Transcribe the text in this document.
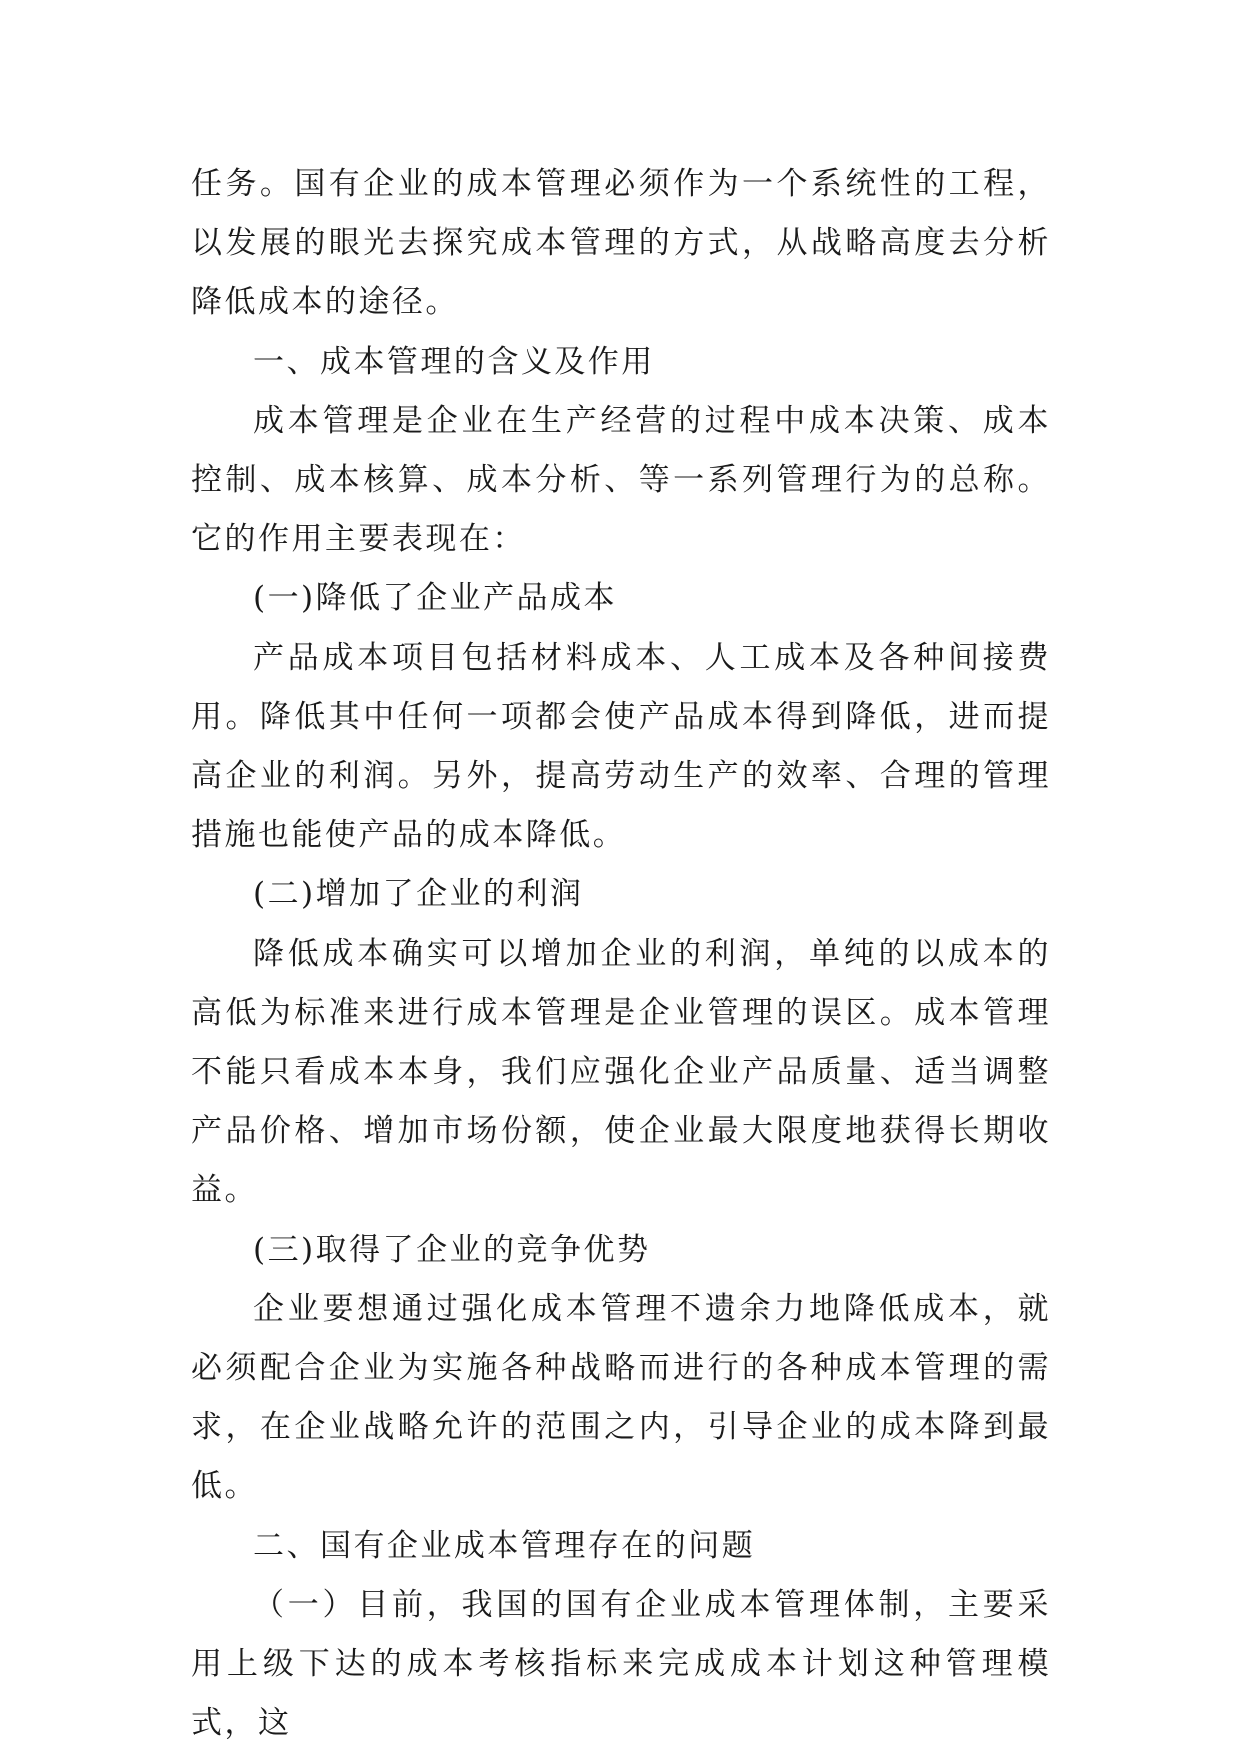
任务。国有企业的成本管理必须作为一个系统性的工程，以发展的眼光去探究成本管理的方式，从战略高度去分析降低成本的途径。

一、成本管理的含义及作用

成本管理是企业在生产经营的过程中成本决策、成本控制、成本核算、成本分析、等一系列管理行为的总称。它的作用主要表现在：

(一)降低了企业产品成本

产品成本项目包括材料成本、人工成本及各种间接费用。降低其中任何一项都会使产品成本得到降低，进而提高企业的利润。另外，提高劳动生产的效率、合理的管理措施也能使产品的成本降低。

(二)增加了企业的利润

降低成本确实可以增加企业的利润，单纯的以成本的高低为标准来进行成本管理是企业管理的误区。成本管理不能只看成本本身，我们应强化企业产品质量、适当调整产品价格、增加市场份额，使企业最大限度地获得长期收益。

(三)取得了企业的竞争优势

企业要想通过强化成本管理不遗余力地降低成本，就必须配合企业为实施各种战略而进行的各种成本管理的需求，在企业战略允许的范围之内，引导企业的成本降到最低。

二、国有企业成本管理存在的问题

（一）目前，我国的国有企业成本管理体制，主要采用上级下达的成本考核指标来完成成本计划这种管理模式，这
